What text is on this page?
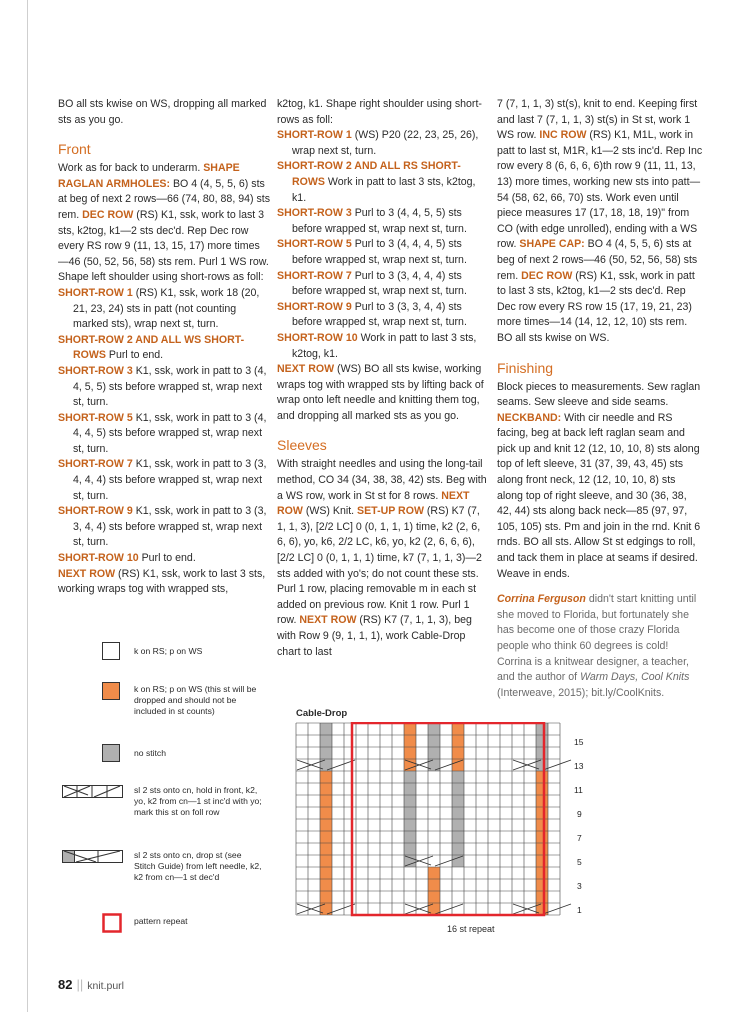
BO all sts kwise on WS, dropping all marked sts as you go.

Front

Work as for back to underarm. SHAPE RAGLAN ARMHOLES: BO 4 (4, 5, 5, 6) sts at beg of next 2 rows—66 (74, 80, 88, 94) sts rem. DEC ROW (RS) K1, ssk, work to last 3 sts, k2tog, k1—2 sts dec'd. Rep Dec row every RS row 9 (11, 13, 15, 17) more times—46 (50, 52, 56, 58) sts rem. Purl 1 WS row. Shape left shoulder using short-rows as foll:

SHORT-ROW 1 (RS) K1, ssk, work 18 (20, 21, 23, 24) sts in patt (not counting marked sts), wrap next st, turn.

SHORT-ROW 2 AND ALL WS SHORT-ROWS Purl to end.

SHORT-ROW 3 K1, ssk, work in patt to 3 (4, 4, 5, 5) sts before wrapped st, wrap next st, turn.

SHORT-ROW 5 K1, ssk, work in patt to 3 (4, 4, 4, 5) sts before wrapped st, wrap next st, turn.

SHORT-ROW 7 K1, ssk, work in patt to 3 (3, 4, 4, 4) sts before wrapped st, wrap next st, turn.

SHORT-ROW 9 K1, ssk, work in patt to 3 (3, 3, 4, 4) sts before wrapped st, wrap next st, turn.

SHORT-ROW 10 Purl to end.

NEXT ROW (RS) K1, ssk, work to last 3 sts, working wraps tog with wrapped sts,

k2tog, k1. Shape right shoulder using short-rows as foll:

SHORT-ROW 1 (WS) P20 (22, 23, 25, 26), wrap next st, turn.

SHORT-ROW 2 AND ALL RS SHORT-ROWS Work in patt to last 3 sts, k2tog, k1.

SHORT-ROW 3 Purl to 3 (4, 4, 5, 5) sts before wrapped st, wrap next st, turn.

SHORT-ROW 5 Purl to 3 (4, 4, 4, 5) sts before wrapped st, wrap next st, turn.

SHORT-ROW 7 Purl to 3 (3, 4, 4, 4) sts before wrapped st, wrap next st, turn.

SHORT-ROW 9 Purl to 3 (3, 3, 4, 4) sts before wrapped st, wrap next st, turn.

SHORT-ROW 10 Work in patt to last 3 sts, k2tog, k1.

NEXT ROW (WS) BO all sts kwise, working wraps tog with wrapped sts by lifting back of wrap onto left needle and knitting them tog, and dropping all marked sts as you go.

Sleeves

With straight needles and using the long-tail method, CO 34 (34, 38, 38, 42) sts. Beg with a WS row, work in St st for 8 rows. NEXT ROW (WS) Knit. SET-UP ROW (RS) K7 (7, 1, 1, 3), [2/2 LC] 0 (0, 1, 1, 1) time, k2 (2, 6, 6, 6), yo, k6, 2/2 LC, k6, yo, k2 (2, 6, 6, 6), [2/2 LC] 0 (0, 1, 1, 1) time, k7 (7, 1, 1, 3)—2 sts added with yo's; do not count these sts. Purl 1 row, placing removable m in each st added on previous row. Knit 1 row. Purl 1 row. NEXT ROW (RS) K7 (7, 1, 1, 3), beg with Row 9 (9, 1, 1, 1), work Cable-Drop chart to last

7 (7, 1, 1, 3) st(s), knit to end. Keeping first and last 7 (7, 1, 1, 3) st(s) in St st, work 1 WS row. INC ROW (RS) K1, M1L, work in patt to last st, M1R, k1—2 sts inc'd. Rep Inc row every 8 (6, 6, 6, 6)th row 9 (11, 11, 13, 13) more times, working new sts into patt—54 (58, 62, 66, 70) sts. Work even until piece measures 17 (17, 18, 18, 19)" from CO (with edge unrolled), ending with a WS row. SHAPE CAP: BO 4 (4, 5, 5, 6) sts at beg of next 2 rows—46 (50, 52, 56, 58) sts rem. DEC ROW (RS) K1, ssk, work in patt to last 3 sts, k2tog, k1—2 sts dec'd. Rep Dec row every RS row 15 (17, 19, 21, 23) more times—14 (14, 12, 12, 10) sts rem. BO all sts kwise on WS.

Finishing

Block pieces to measurements. Sew raglan seams. Sew sleeve and side seams. NECKBAND: With cir needle and RS facing, beg at back left raglan seam and pick up and knit 12 (12, 10, 10, 8) sts along top of left sleeve, 31 (37, 39, 43, 45) sts along front neck, 12 (12, 10, 10, 8) sts along top of right sleeve, and 30 (36, 38, 42, 44) sts along back neck—85 (97, 97, 105, 105) sts. Pm and join in the rnd. Knit 6 rnds. BO all sts. Allow St st edgings to roll, and tack them in place at seams if desired. Weave in ends.

Corrina Ferguson didn't start knitting until she moved to Florida, but fortunately she has become one of those crazy Florida people who think 60 degrees is cold! Corrina is a knitwear designer, a teacher, and the author of Warm Days, Cool Knits (Interweave, 2015); bit.ly/CoolKnits.

k on RS; p on WS
k on RS; p on WS (this st will be dropped and should not be included in st counts)
no stitch
sl 2 sts onto cn, hold in front, k2, yo, k2 from cn—1 st inc'd with yo; mark this st on foll row
sl 2 sts onto cn, drop st (see Stitch Guide) from left needle, k2, k2 from cn—1 st dec'd
pattern repeat
Cable-Drop
15
13
11
9
7
5
3
1
16 st repeat
82 || knit.purl
